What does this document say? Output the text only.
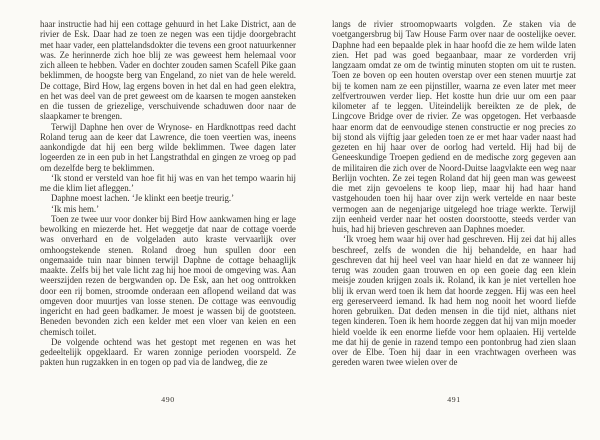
haar instructie had hij een cottage gehuurd in het Lake District, aan de rivier de Esk. Daar had ze toen ze negen was een tijdje doorgebracht met haar vader, een plattelandsdokter die tevens een groot natuurkenner was. Ze herinnerde zich hoe blij ze was geweest hem helemaal voor zich alleen te hebben. Vader en dochter zouden samen Scafell Pike gaan beklimmen, de hoogste berg van Engeland, zo niet van de hele wereld. De cottage, Bird How, lag ergens boven in het dal en had geen elektra, en het was deel van de pret geweest om de kaarsen te mogen aansteken en die tussen de griezelige, verschuivende schaduwen door naar de slaapkamer te brengen.

Terwijl Daphne hen over de Wrynose- en Hardknottpas reed dacht Roland terug aan de keer dat Lawrence, die toen veertien was, ineens aankondigde dat hij een berg wilde beklimmen. Twee dagen later logeerden ze in een pub in het Langstrathdal en gingen ze vroeg op pad om dezelfde berg te beklimmen.

‘Ik stond er versteld van hoe fit hij was en van het tempo waarin hij me die klim liet afleggen.’

Daphne moest lachen. ‘Je klinkt een beetje treurig.’

‘Ik mis hem.’

Toen ze twee uur voor donker bij Bird How aankwamen hing er lage bewolking en miezerde het. Het weggetje dat naar de cottage voerde was onverhard en de volgeladen auto kraste vervaarlijk over omhoogstekende stenen. Roland droeg hun spullen door een ongemaaide tuin naar binnen terwijl Daphne de cottage behaaglijk maakte. Zelfs bij het vale licht zag hij hoe mooi de omgeving was. Aan weerszijden rezen de bergwanden op. De Esk, aan het oog onttrokken door een rij bomen, stroomde onderaan een aflopend weiland dat was omgeven door muurtjes van losse stenen. De cottage was eenvoudig ingericht en had geen badkamer. Je moest je wassen bij de gootsteen. Beneden bevonden zich een kelder met een vloer van keien en een chemisch toilet.

De volgende ochtend was het gestopt met regenen en was het gedeeltelijk opgeklaard. Er waren zonnige perioden voorspeld. Ze pakten hun rugzakken in en togen op pad via de landweg, die ze

490

langs de rivier stroomopwaarts volgden. Ze staken via de voetgangersbrug bij Taw House Farm over naar de oostelijke oever. Daphne had een bepaalde plek in haar hoofd die ze hem wilde laten zien. Het pad was goed begaanbaar, maar ze vorderden vrij langzaam omdat ze om de twintig minuten stopten om uit te rusten. Toen ze boven op een houten overstap over een stenen muurtje zat bij te komen nam ze een pijnstiller, waarna ze even later met meer zelfvertrouwen verder liep. Het kostte hun drie uur om een paar kilometer af te leggen. Uiteindelijk bereikten ze de plek, de Lingcove Bridge over de rivier. Ze was opgetogen. Het verbaasde haar enorm dat de eenvoudige stenen constructie er nog precies zo bij stond als vijftig jaar geleden toen ze er met haar vader naast had gezeten en hij haar over de oorlog had verteld. Hij had bij de Geneeskundige Troepen gediend en de medische zorg gegeven aan de militairen die zich over de Noord-Duitse laagvlakte een weg naar Berlijn vochten. Ze zei tegen Roland dat hij geen man was geweest die met zijn gevoelens te koop liep, maar hij had haar hand vastgehouden toen hij haar over zijn werk vertelde en naar beste vermogen aan de negenjarige uitgelegd hoe triage werkte. Terwijl zijn eenheid verder naar het oosten doorstootte, steeds verder van huis, had hij brieven geschreven aan Daphnes moeder.

‘Ik vroeg hem waar hij over had geschreven. Hij zei dat hij alles beschreef, zelfs de wonden die hij behandelde, en haar had geschreven dat hij heel veel van haar hield en dat ze wanneer hij terug was zouden gaan trouwen en op een goeie dag een klein meisje zouden krijgen zoals ik. Roland, ik kan je niet vertellen hoe blij ik ervan werd toen ik hem dat hoorde zeggen. Hij was een heel erg gereserveerd iemand. Ik had hem nog nooit het woord liefde horen gebruiken. Dat deden mensen in die tijd niet, althans niet tegen kinderen. Toen ik hem hoorde zeggen dat hij van mijn moeder hield voelde ik een enorme liefde voor hem oplaaien. Hij vertelde me dat hij de genie in razend tempo een pontonbrug had zien slaan over de Elbe. Toen hij daar in een vrachtwagen overheen was gereden waren twee wielen over de

491
